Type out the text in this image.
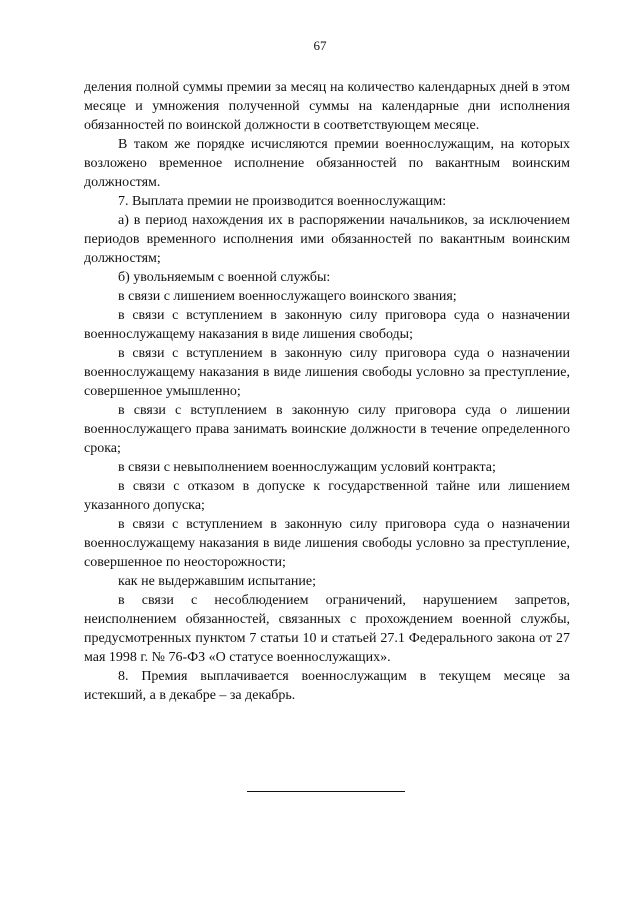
67

деления полной суммы премии за месяц на количество календарных дней в этом месяце и умножения полученной суммы на календарные дни исполнения обязанностей по воинской должности в соответствующем месяце.

В таком же порядке исчисляются премии военнослужащим, на которых возложено временное исполнение обязанностей по вакантным воинским должностям.

7. Выплата премии не производится военнослужащим:

а) в период нахождения их в распоряжении начальников, за исключением периодов временного исполнения ими обязанностей по вакантным воинским должностям;

б) увольняемым с военной службы:

в связи с лишением военнослужащего воинского звания;

в связи с вступлением в законную силу приговора суда о назначении военнослужащему наказания в виде лишения свободы;

в связи с вступлением в законную силу приговора суда о назначении военнослужащему наказания в виде лишения свободы условно за преступление, совершенное умышленно;

в связи с вступлением в законную силу приговора суда о лишении военнослужащего права занимать воинские должности в течение определенного срока;

в связи с невыполнением военнослужащим условий контракта;

в связи с отказом в допуске к государственной тайне или лишением указанного допуска;

в связи с вступлением в законную силу приговора суда о назначении военнослужащему наказания в виде лишения свободы условно за преступление, совершенное по неосторожности;

как не выдержавшим испытание;

в связи с несоблюдением ограничений, нарушением запретов, неисполнением обязанностей, связанных с прохождением военной службы, предусмотренных пунктом 7 статьи 10 и статьей 27.1 Федерального закона от 27 мая 1998 г. № 76-ФЗ «О статусе военнослужащих».

8. Премия выплачивается военнослужащим в текущем месяце за истекший, а в декабре – за декабрь.
